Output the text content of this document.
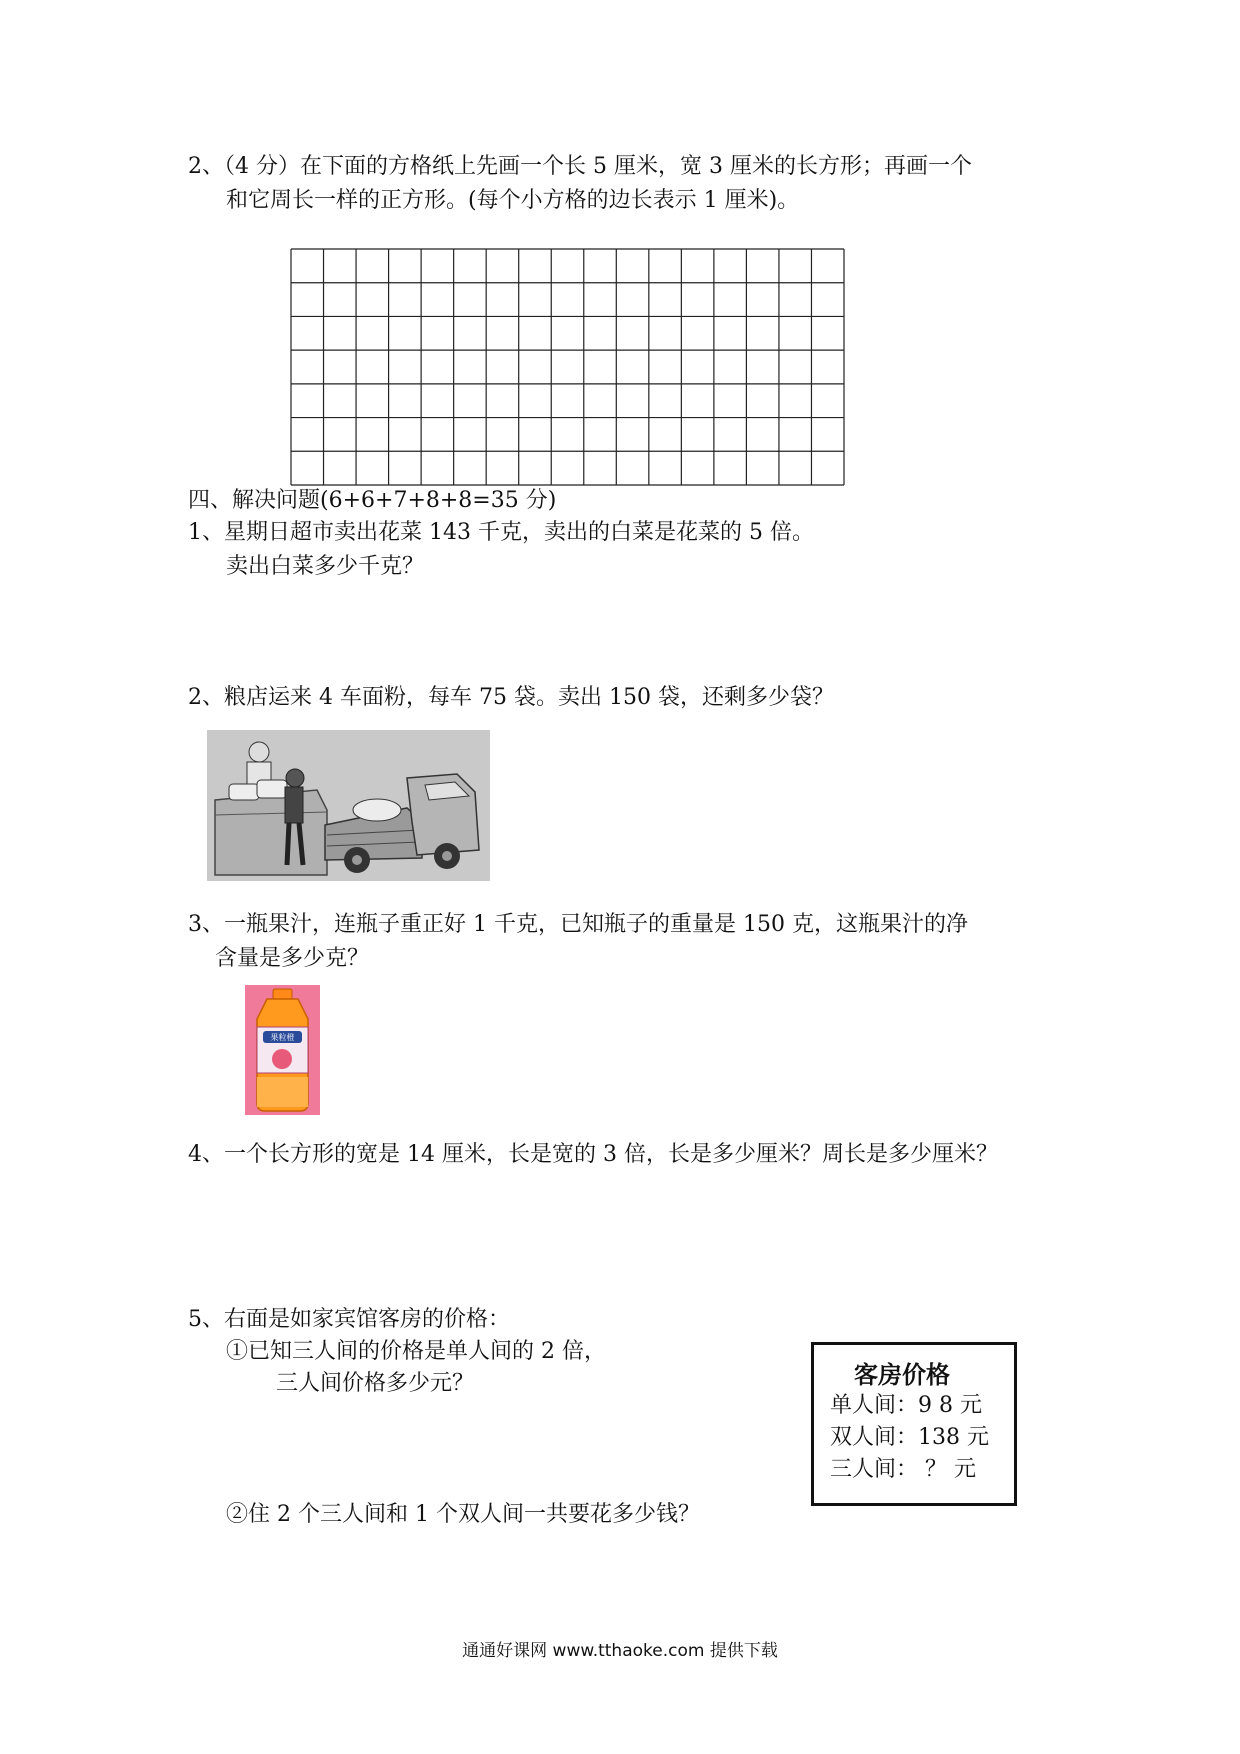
2、（4 分）在下面的方格纸上先画一个长 5 厘米，宽 3 厘米的长方形；再画一个
和它周长一样的正方形。(每个小方格的边长表示 1 厘米)。
四、解决问题(6+6+7+8+8=35 分)
1、星期日超市卖出花菜 143 千克，卖出的白菜是花菜的 5 倍。
卖出白菜多少千克？
2、粮店运来 4 车面粉，每车 75 袋。卖出 150 袋，还剩多少袋？
3、一瓶果汁，连瓶子重正好 1 千克，已知瓶子的重量是 150 克，这瓶果汁的净
含量是多少克？
果粒橙
4、一个长方形的宽是 14 厘米，长是宽的 3 倍，长是多少厘米？周长是多少厘米？
5、右面是如家宾馆客房的价格：
①已知三人间的价格是单人间的 2 倍，
三人间价格多少元？
②住 2 个三人间和 1 个双人间一共要花多少钱？
客房价格
单人间：9 8 元
双人间：138 元
三人间： ？ 元
通通好课网 www.tthaoke.com 提供下载
